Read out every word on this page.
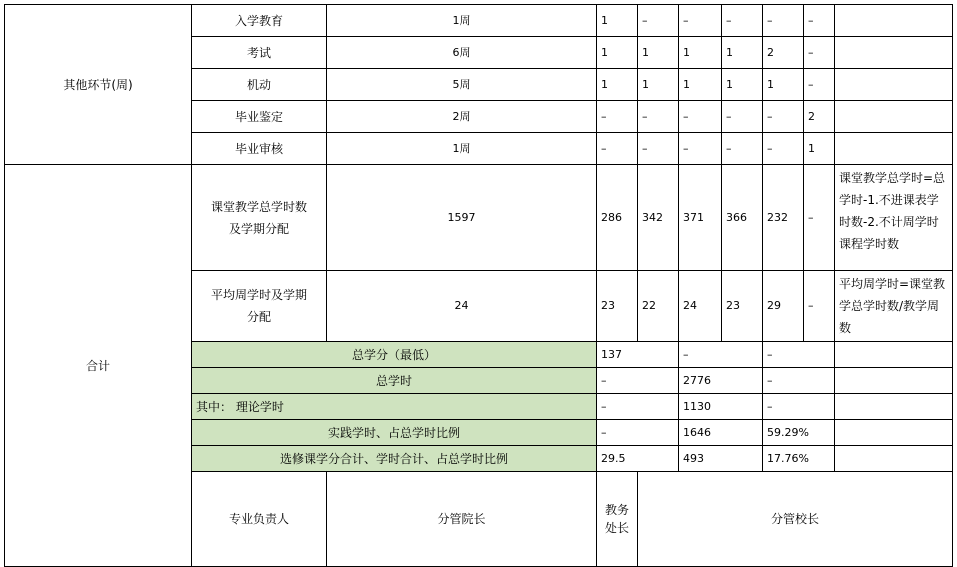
其他环节(周)	入学教育	1周	1	–	–	–	–	–		
	考试	6周	1	1	1	1	2	–		
	机动	5周	1	1	1	1	1	–		
	毕业鉴定	2周	–	–	–	–	–	2		
	毕业审核	1周	–	–	–	–	–	1		
合计	课堂教学总学时数及学期分配	1597	286	342	371	366	232	–	课堂教学总学时=总学时-1.不进课表学时数-2.不计周学时课程学时数	
	平均周学时及学期分配	24	23	22	24	23	29	–	平均周学时=课堂教学总学时数/教学周数	
	总学分（最低）		137		–		–			
	总学时		–		2776		–			
	其中： 理论学时		–		1130		–			
	实践学时、占总学时比例		–		1646		59.29%			
	选修课学分合计、学时合计、占总学时比例		29.5		493		17.76%			
	专业负责人	分管院长	教务处长	分管校长	
